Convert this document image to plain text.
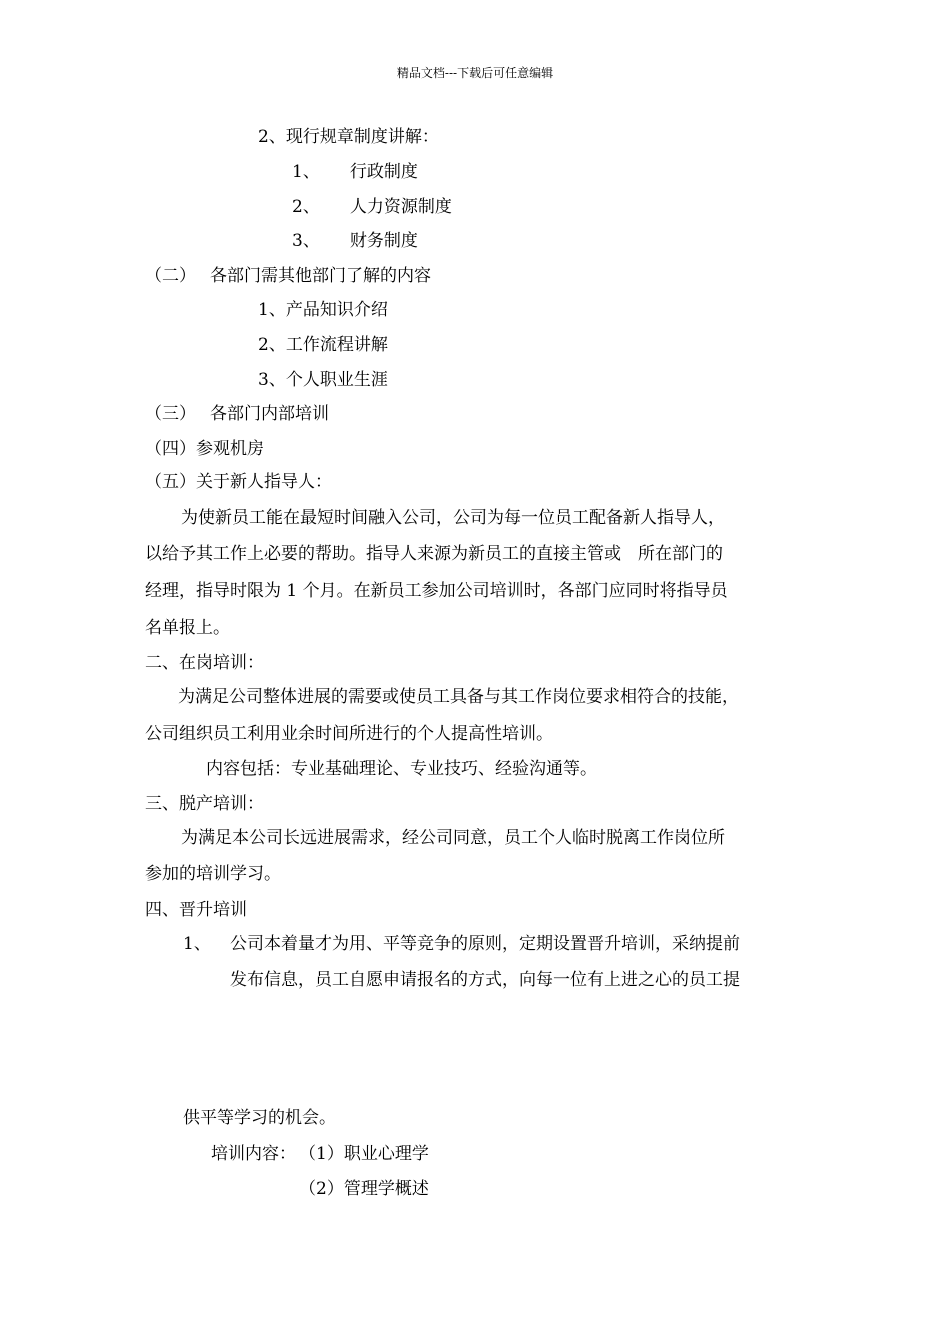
精品文档---下载后可任意编辑
2、现行规章制度讲解：
1、 行政制度
2、 人力资源制度
3、 财务制度
（二） 各部门需其他部门了解的内容
1、产品知识介绍
2、工作流程讲解
3、个人职业生涯
（三） 各部门内部培训
（四）参观机房
（五）关于新人指导人：
为使新员工能在最短时间融入公司，公司为每一位员工配备新人指导人，
以给予其工作上必要的帮助。指导人来源为新员工的直接主管或　所在部门的
经理，指导时限为 1 个月。在新员工参加公司培训时，各部门应同时将指导员
名单报上。
二、在岗培训：
为满足公司整体进展的需要或使员工具备与其工作岗位要求相符合的技能，
公司组织员工利用业余时间所进行的个人提高性培训。
内容包括：专业基础理论、专业技巧、经验沟通等。
三、脱产培训：
为满足本公司长远进展需求，经公司同意，员工个人临时脱离工作岗位所
参加的培训学习。
四、晋升培训
1、 公司本着量才为用、平等竞争的原则，定期设置晋升培训，采纳提前
发布信息，员工自愿申请报名的方式，向每一位有上进之心的员工提
供平等学习的机会。
培训内容： （1）职业心理学
（2）管理学概述
